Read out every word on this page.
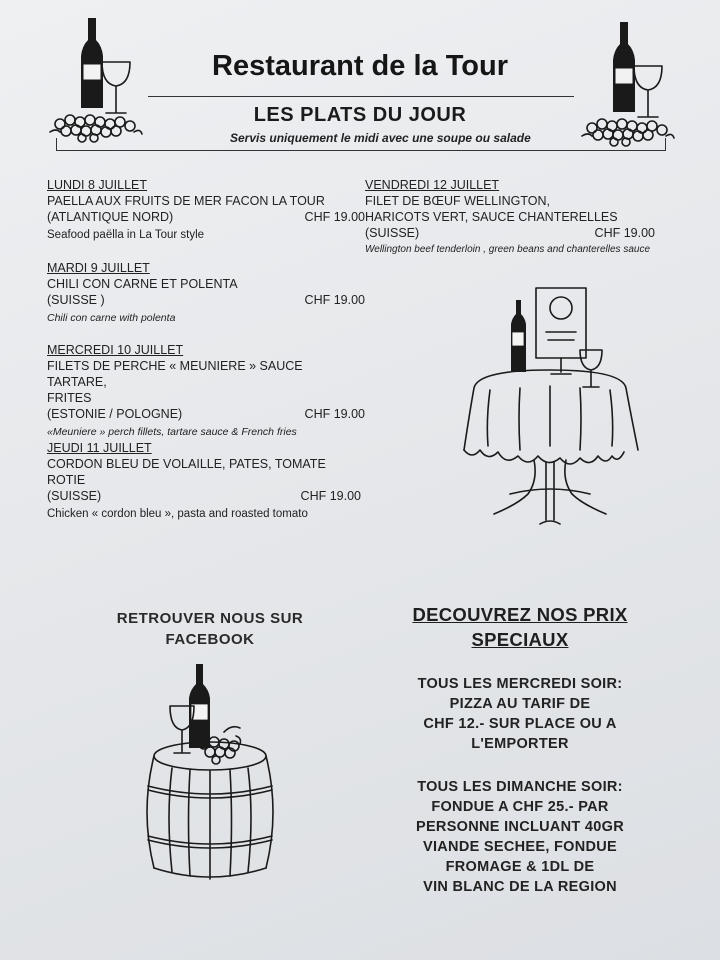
Restaurant de la Tour
LES PLATS DU JOUR
Servis uniquement le midi avec une soupe ou salade
LUNDI 8 JUILLET
PAELLA AUX FRUITS DE MER FACON LA TOUR
(ATLANTIQUE NORD)	CHF 19.00
Seafood paëlla in La Tour style
MARDI 9 JUILLET
CHILI CON CARNE ET POLENTA
(SUISSE )	CHF 19.00
Chili con carne with polenta
MERCREDI 10 JUILLET
FILETS DE PERCHE « MEUNIERE » SAUCE TARTARE,
FRITES
(ESTONIE / POLOGNE)	CHF 19.00
«Meuniere » perch fillets, tartare sauce & French fries
JEUDI 11 JUILLET
CORDON BLEU DE VOLAILLE, PATES, TOMATE ROTIE
(SUISSE)	CHF 19.00
Chicken « cordon bleu », pasta and roasted tomato
VENDREDI 12 JUILLET
FILET DE BŒUF WELLINGTON,
HARICOTS VERT, SAUCE CHANTERELLES
(SUISSE)	CHF 19.00
Wellington beef tenderloin , green beans and chanterelles sauce
RETROUVER NOUS SUR
FACEBOOK
DECOUVREZ NOS PRIX
SPECIAUX
TOUS LES MERCREDI SOIR:
PIZZA AU TARIF DE
CHF 12.- SUR PLACE OU A
L'EMPORTER
TOUS LES DIMANCHE SOIR:
FONDUE A CHF 25.- PAR
PERSONNE INCLUANT 40GR
VIANDE SECHEE, FONDUE
FROMAGE & 1DL DE
VIN BLANC DE LA REGION
